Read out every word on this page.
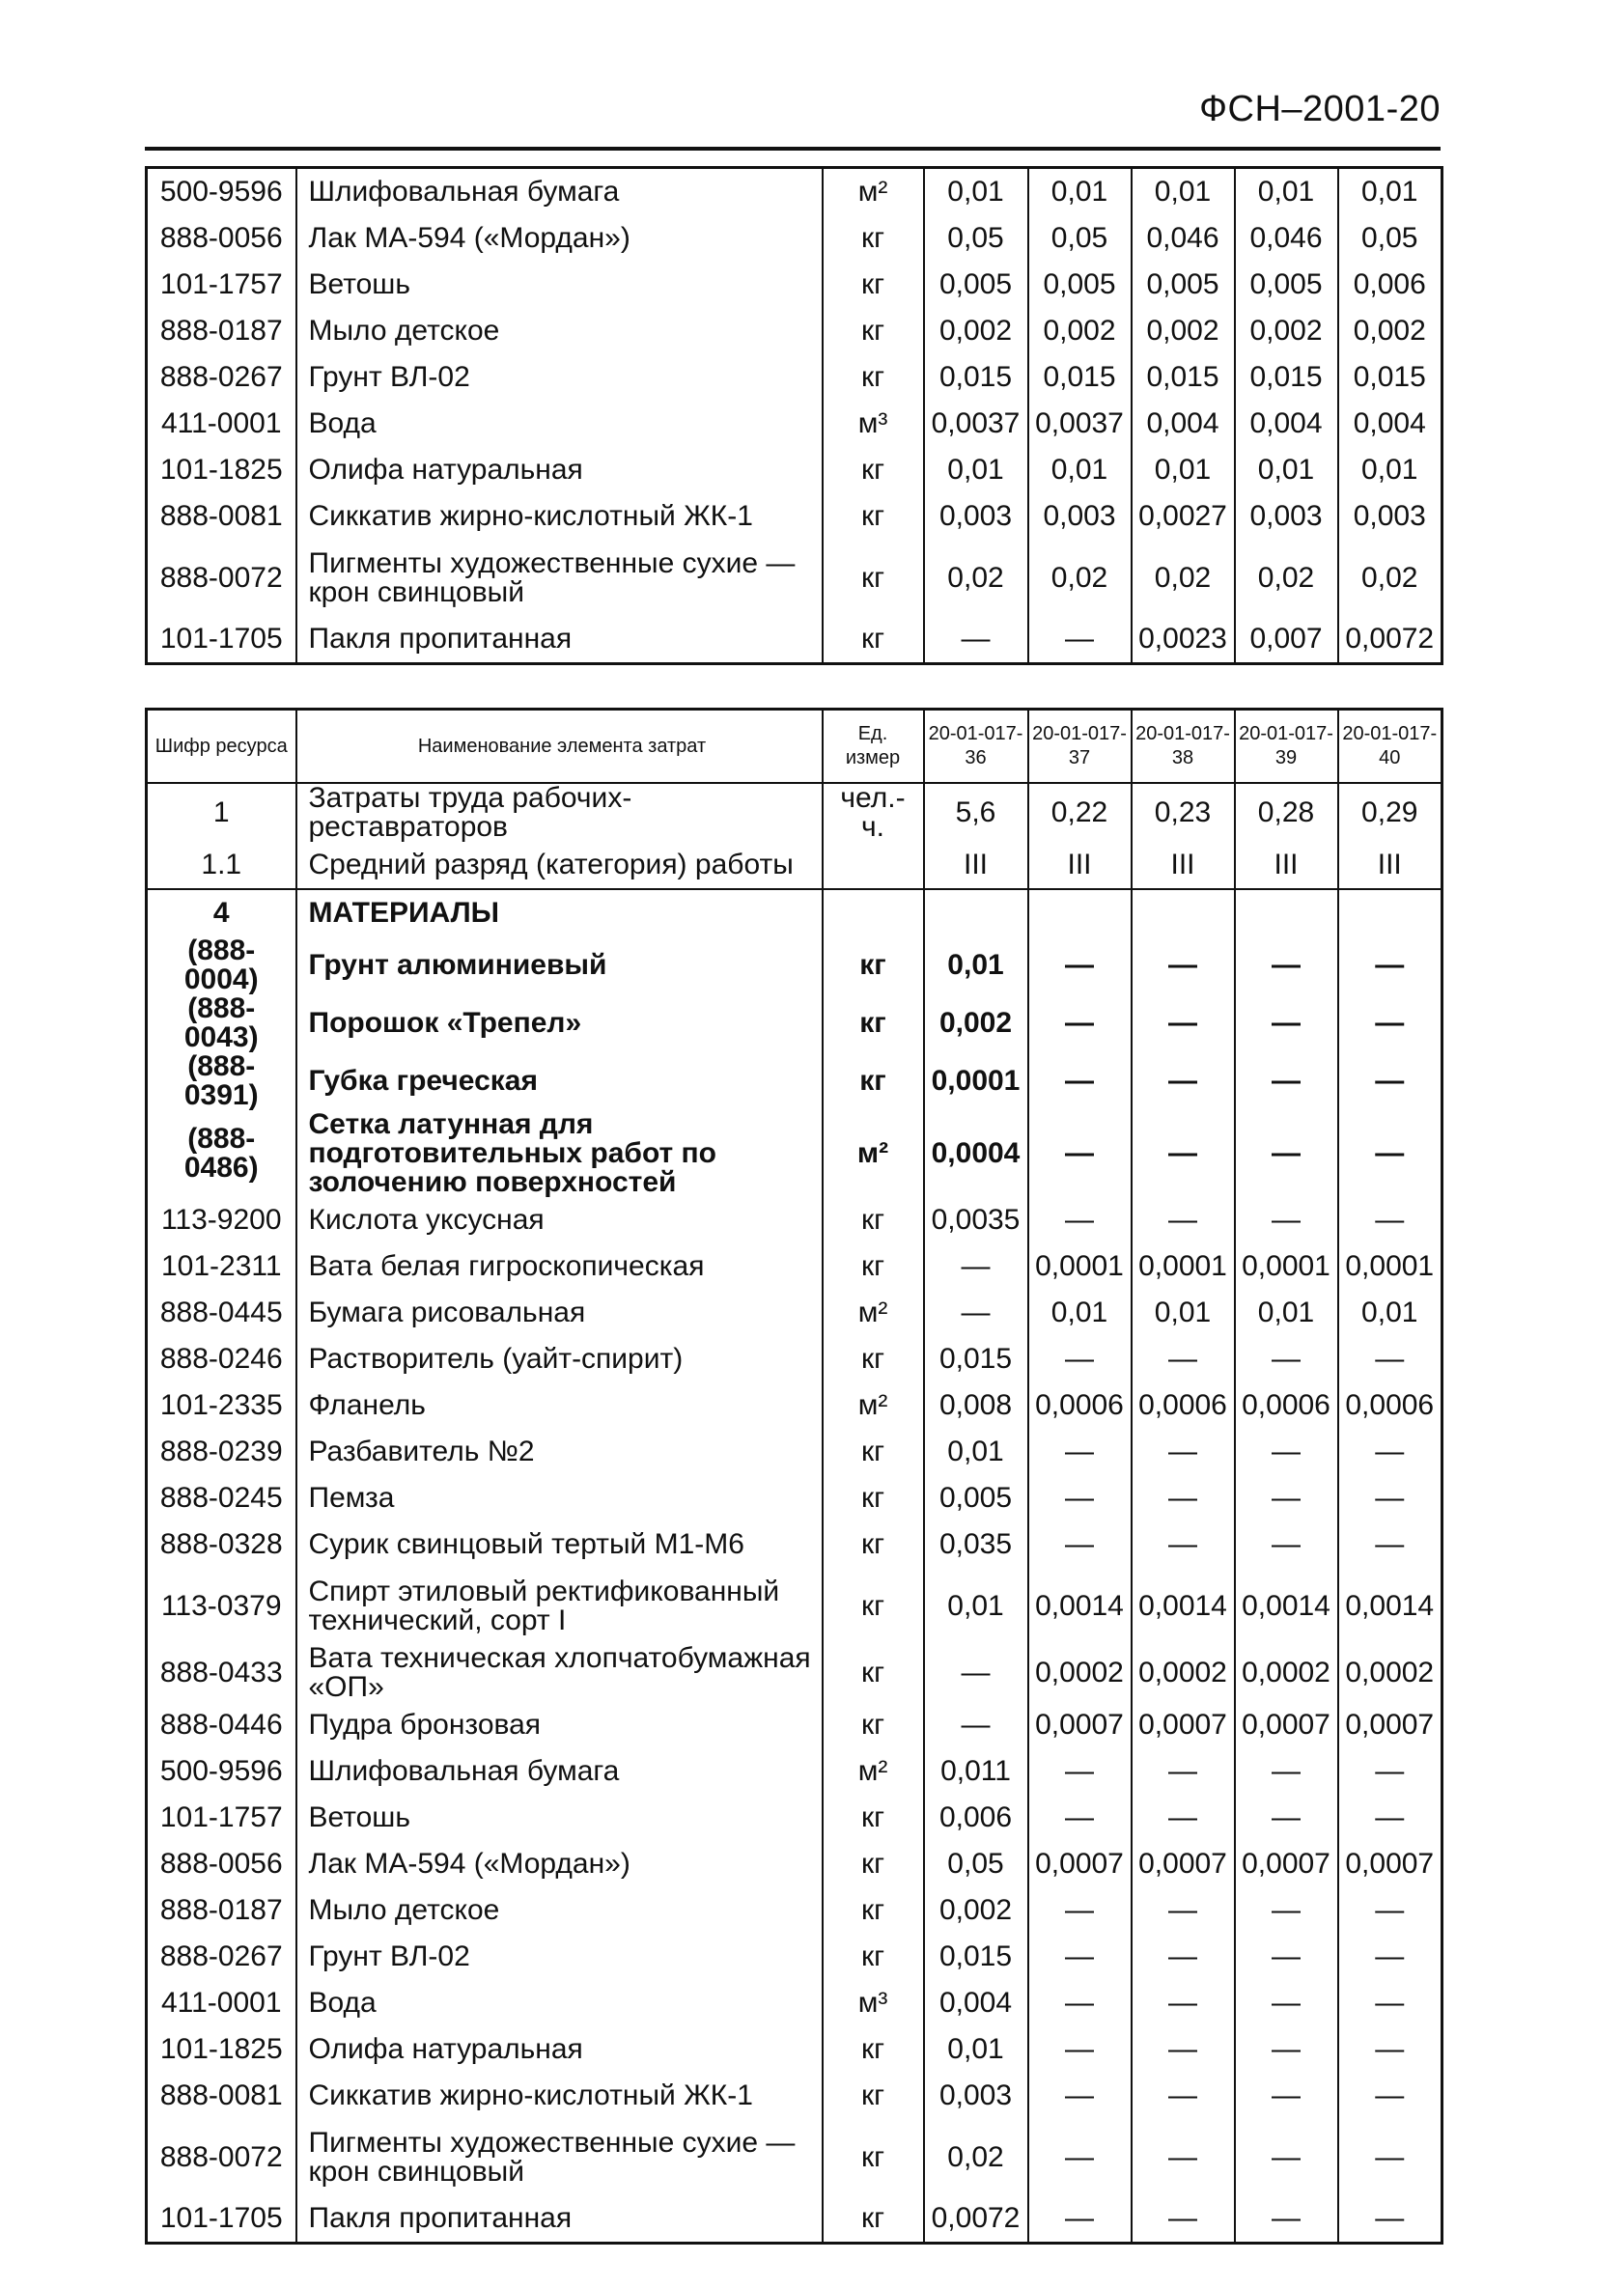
ФСН–2001-20
500-9596	Шлифовальная бумага	м²	0,01	0,01	0,01	0,01	0,01
888-0056	Лак МА-594 («Мордан»)	кг	0,05	0,05	0,046	0,046	0,05
101-1757	Ветошь	кг	0,005	0,005	0,005	0,005	0,006
888-0187	Мыло детское	кг	0,002	0,002	0,002	0,002	0,002
888-0267	Грунт ВЛ-02	кг	0,015	0,015	0,015	0,015	0,015
411-0001	Вода	м³	0,0037	0,0037	0,004	0,004	0,004
101-1825	Олифа натуральная	кг	0,01	0,01	0,01	0,01	0,01
888-0081	Сиккатив жирно-кислотный ЖК-1	кг	0,003	0,003	0,0027	0,003	0,003
888-0072	Пигменты художественные сухие — крон свинцовый	кг	0,02	0,02	0,02	0,02	0,02
101-1705	Пакля пропитанная	кг	—	—	0,0023	0,007	0,0072
Шифр ресурса	Наименование элемента затрат	Ед. измер	20-01-017-36	20-01-017-37	20-01-017-38	20-01-017-39	20-01-017-40
1	Затраты труда рабочих-реставраторов	чел.-ч.	5,6	0,22	0,23	0,28	0,29
1.1	Средний разряд (категория) работы		III	III	III	III	III
4	МАТЕРИАЛЫ						
(888-0004)	Грунт алюминиевый	кг	0,01	—	—	—	—
(888-0043)	Порошок «Трепел»	кг	0,002	—	—	—	—
(888-0391)	Губка греческая	кг	0,0001	—	—	—	—
(888-0486)	Сетка латунная для подготовительных работ по золочению поверхностей	м²	0,0004	—	—	—	—
113-9200	Кислота уксусная	кг	0,0035	—	—	—	—
101-2311	Вата белая гигроскопическая	кг	—	0,0001	0,0001	0,0001	0,0001
888-0445	Бумага рисовальная	м²	—	0,01	0,01	0,01	0,01
888-0246	Растворитель (уайт-спирит)	кг	0,015	—	—	—	—
101-2335	Фланель	м²	0,008	0,0006	0,0006	0,0006	0,0006
888-0239	Разбавитель №2	кг	0,01	—	—	—	—
888-0245	Пемза	кг	0,005	—	—	—	—
888-0328	Сурик свинцовый тертый М1-М6	кг	0,035	—	—	—	—
113-0379	Спирт этиловый ректификованный технический, сорт I	кг	0,01	0,0014	0,0014	0,0014	0,0014
888-0433	Вата техническая хлопчатобумажная «ОП»	кг	—	0,0002	0,0002	0,0002	0,0002
888-0446	Пудра бронзовая	кг	—	0,0007	0,0007	0,0007	0,0007
500-9596	Шлифовальная бумага	м²	0,011	—	—	—	—
101-1757	Ветошь	кг	0,006	—	—	—	—
888-0056	Лак МА-594 («Мордан»)	кг	0,05	0,0007	0,0007	0,0007	0,0007
888-0187	Мыло детское	кг	0,002	—	—	—	—
888-0267	Грунт ВЛ-02	кг	0,015	—	—	—	—
411-0001	Вода	м³	0,004	—	—	—	—
101-1825	Олифа натуральная	кг	0,01	—	—	—	—
888-0081	Сиккатив жирно-кислотный ЖК-1	кг	0,003	—	—	—	—
888-0072	Пигменты художественные сухие — крон свинцовый	кг	0,02	—	—	—	—
101-1705	Пакля пропитанная	кг	0,0072	—	—	—	—
